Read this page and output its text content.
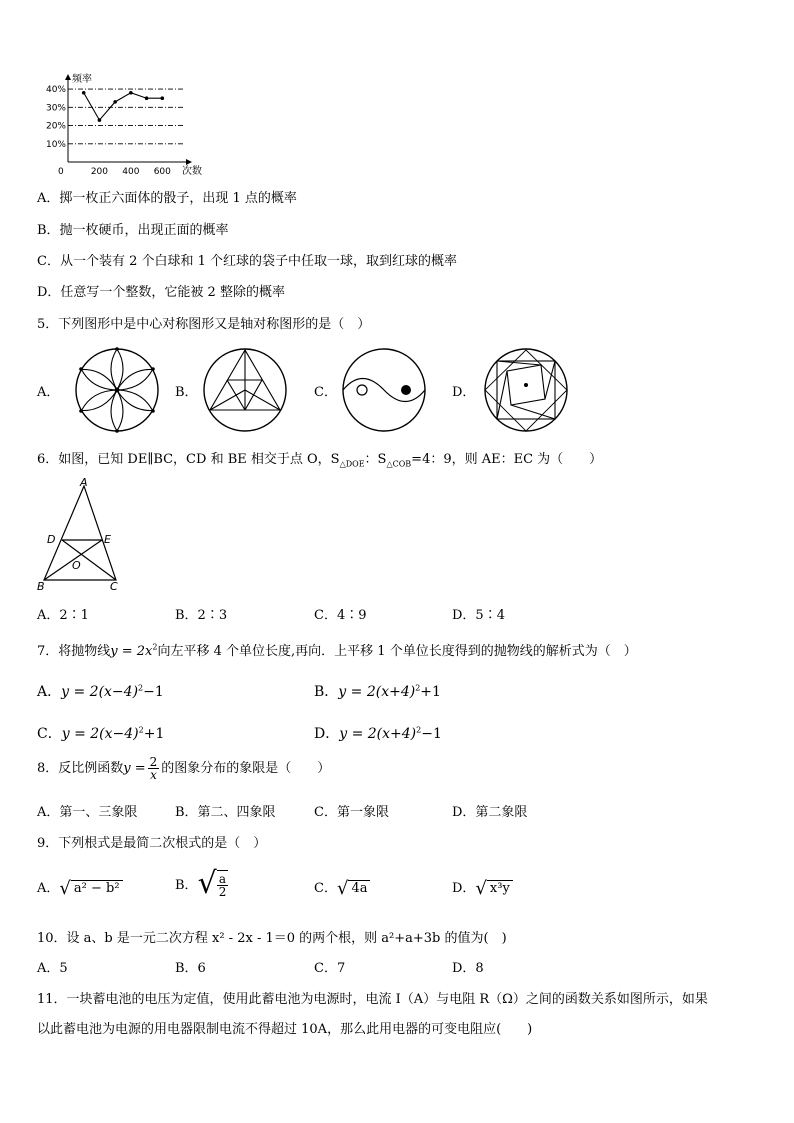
10%
20%
30%
40%
200 400 600
0	次数
频率
A．掷一枚正六面体的骰子，出现 1 点的概率
B．抛一枚硬币，出现正面的概率
C．从一个装有 2 个白球和 1 个红球的袋子中任取一球，取到红球的概率
D．任意写一个整数，它能被 2 整除的概率
5．下列图形中是中心对称图形又是轴对称图形的是（　）
A．	B．	C．	D．
6．如图，已知 DE∥BC，CD 和 BE 相交于点 O，$S_{\triangle DOE}$：$S_{\triangle COB}=4$：9，则 AE：EC 为（　　）
A
D	E
O
B	C
A．2∶1	B．2∶3	C．4∶9	D．5∶4
7．将抛物线$y = 2x^2$向左平移 4 个单位长度,再向．上平移 1 个单位长度得到的抛物线的解析式为（　）
A．$y = 2(x-4)^2-1$	B．$y = 2(x+4)^2+1$
C．$y = 2(x-4)^2+1$	D．$y = 2(x+4)^2-1$
8．反比例函数$y = \frac{2}{x}$ 的图象分布的象限是（　　）
A．第一、三象限	B．第二、四象限	C．第一象限	D．第二象限
9．下列根式是最简二次根式的是（　）
A．√ a² − b²	B．√ $\frac{a}{2}$	C．√ 4a	D．√ x³y
10．设 a、b 是一元二次方程 x² - 2x - 1＝0 的两个根，则 a²+a+3b 的值为(　)
A．5	B．6	C．7	D．8
11．一块蓄电池的电压为定值，使用此蓄电池为电源时，电流 I（A）与电阻 R（Ω）之间的函数关系如图所示，如果
以此蓄电池为电源的用电器限制电流不得超过 10A，那么此用电器的可变电阻应(　　)
